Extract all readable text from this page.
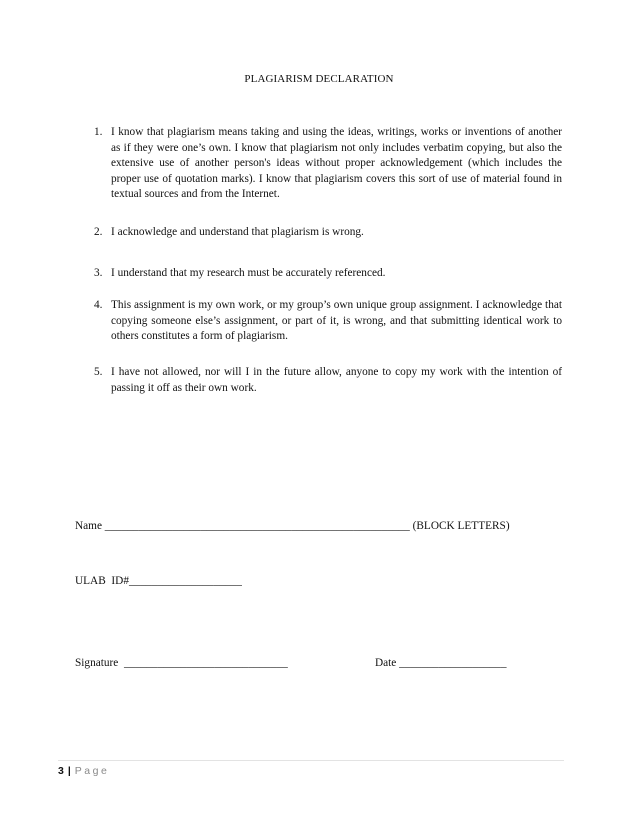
PLAGIARISM DECLARATION
1. I know that plagiarism means taking and using the ideas, writings, works or inventions of another as if they were one’s own. I know that plagiarism not only includes verbatim copying, but also the extensive use of another person's ideas without proper acknowledgement (which includes the proper use of quotation marks). I know that plagiarism covers this sort of use of material found in textual sources and from the Internet.
2. I acknowledge and understand that plagiarism is wrong.
3. I understand that my research must be accurately referenced.
4. This assignment is my own work, or my group’s own unique group assignment. I acknowledge that copying someone else’s assignment, or part of it, is wrong, and that submitting identical work to others constitutes a form of plagiarism.
5. I have not allowed, nor will I in the future allow, anyone to copy my work with the intention of passing it off as their own work.
Name ______________________________________________________ (BLOCK LETTERS)
ULAB  ID#____________________
Signature  _____________________________	Date ___________________
3 | Page
